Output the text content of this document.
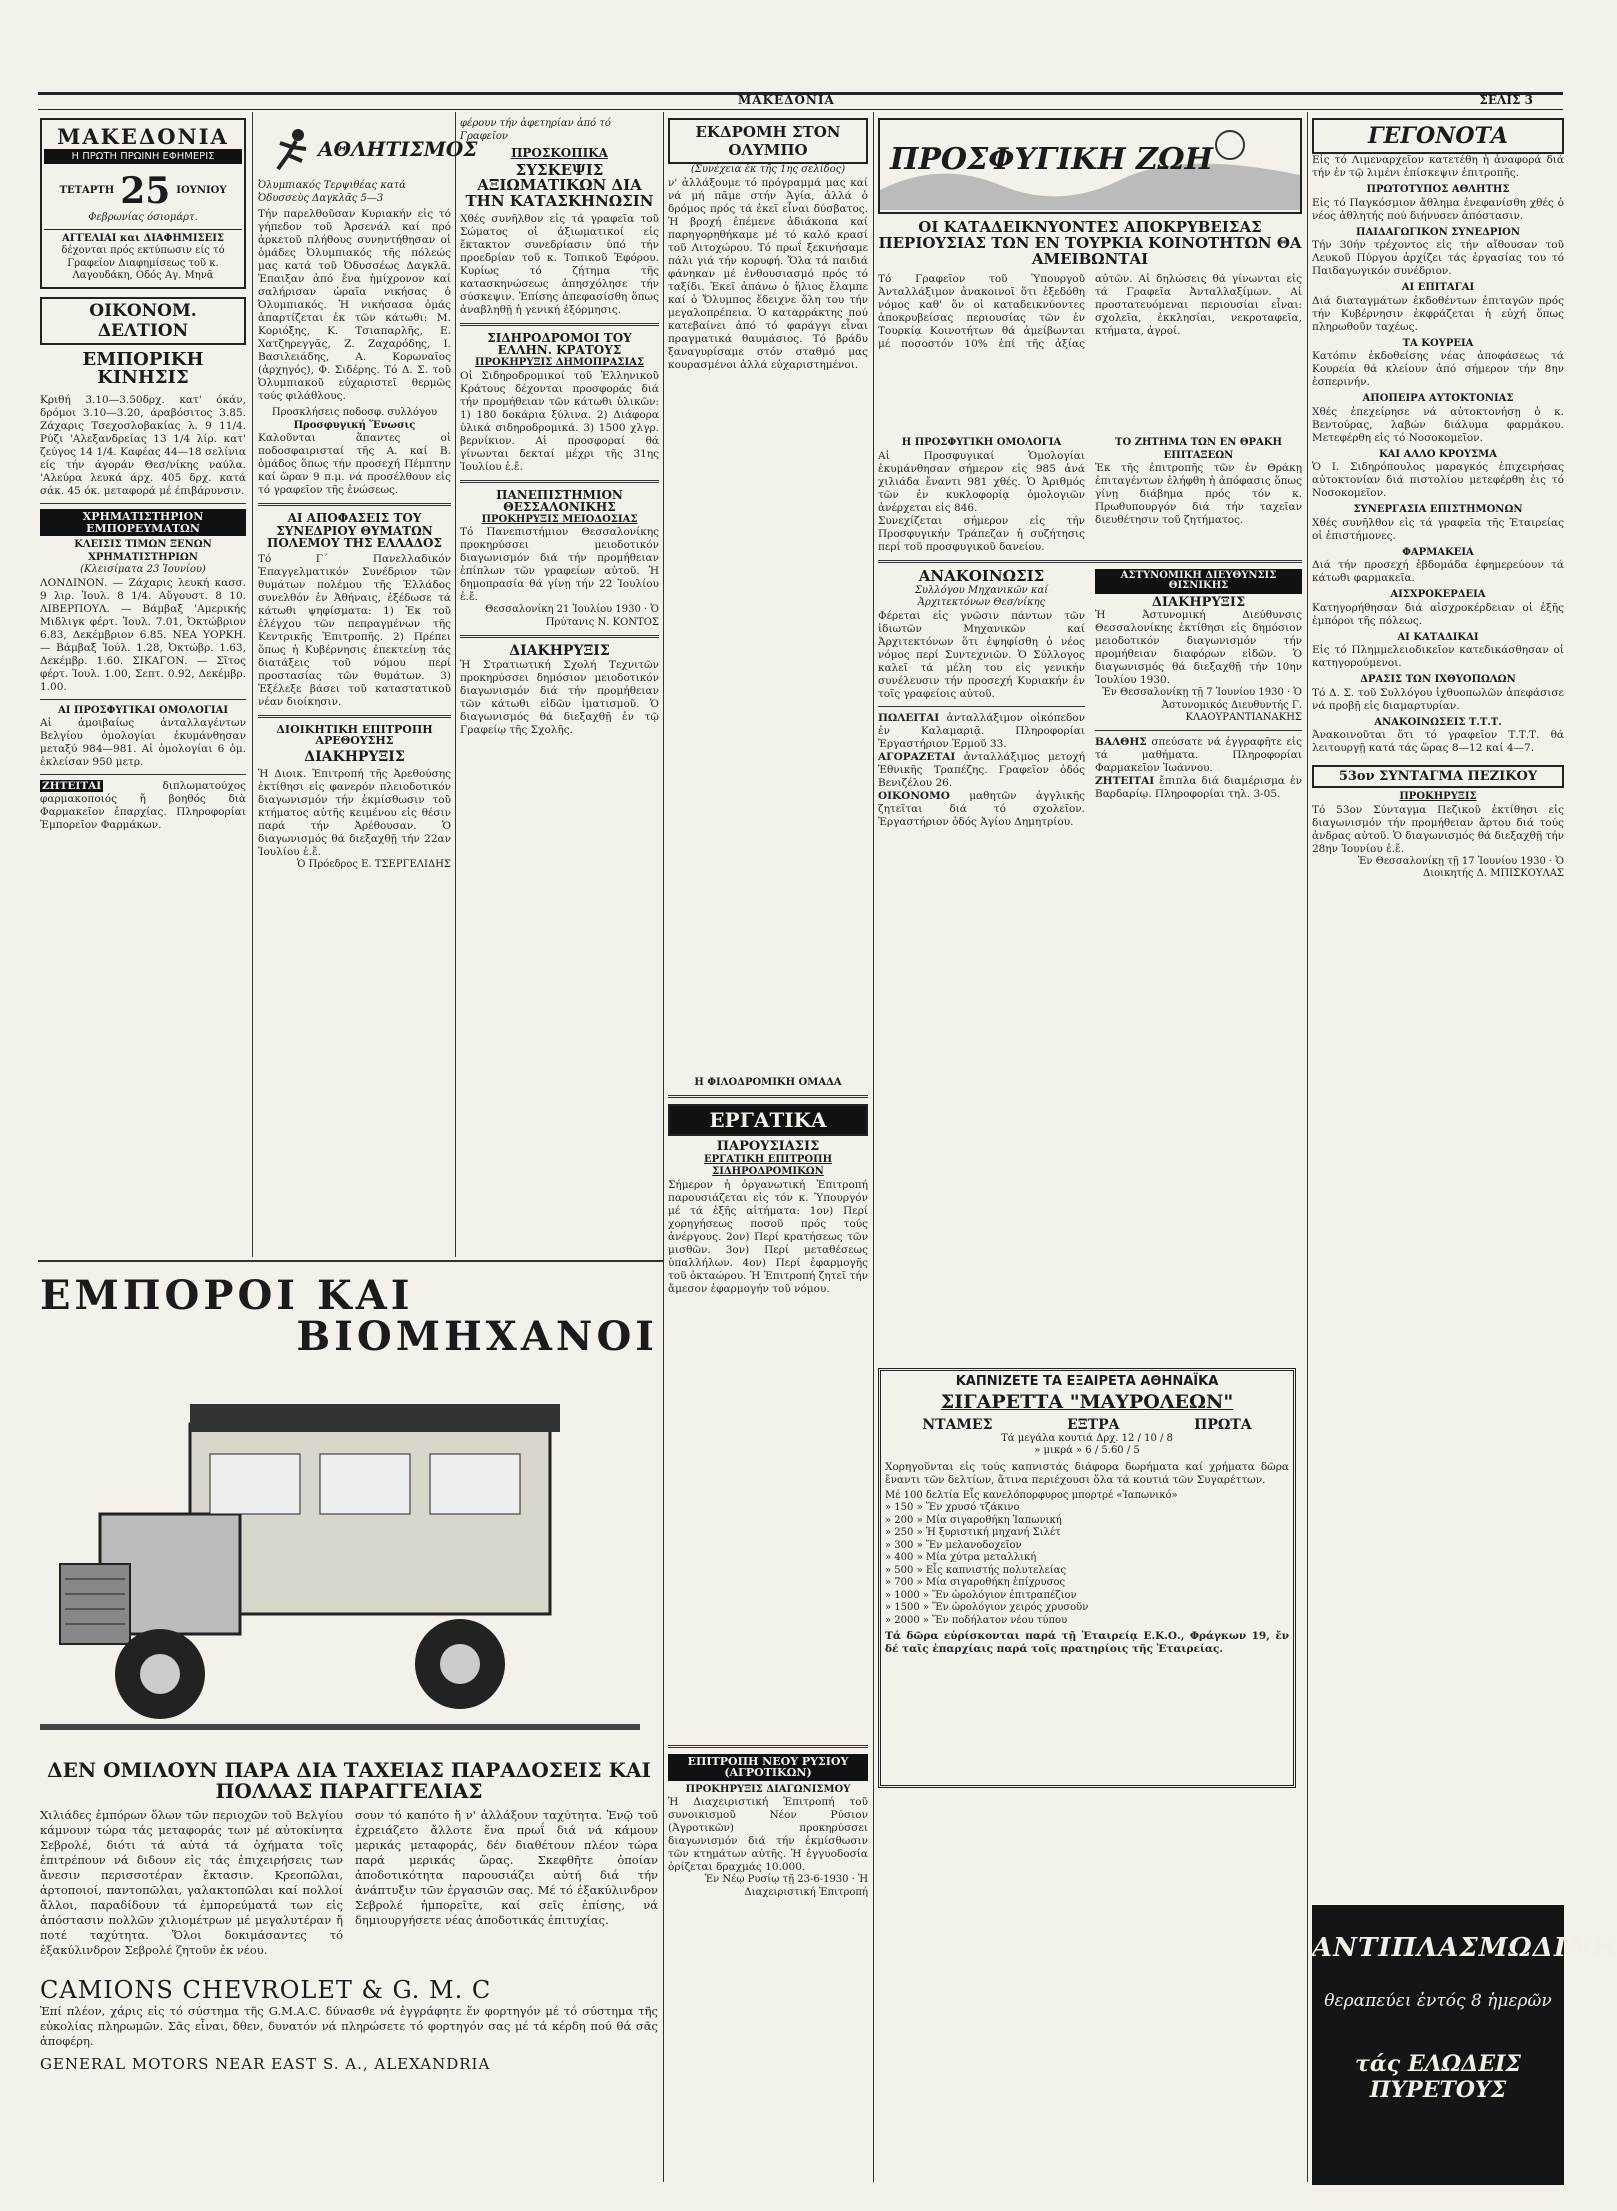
ΜΑΚΕΔΟΝΙΑ	ΣΕΛΙΣ 3
ΜΑΚΕΔΟΝΙΑ
Η ΠΡΩΤΗ ΠΡΩΙΝΗ ΕΦΗΜΕΡΙΣ
ΤΕΤΑΡΤΗ 25 ΙΟΥΝΙΟΥ
Φεβρωνίας όσιομάρτ.
ΑΓΓΕΛΙΑΙ και ΔΙΑΦΗΜΙΣΕΙΣ
δέχονται πρός εκτύπωσιν είς τό Γραφείον Διαφημίσεως τοῦ κ. Λαγουδάκη, Οδός Αγ. Μηνᾶ
ΟΙΚΟΝΟΜ. ΔΕΛΤΙΟΝ
ΕΜΠΟΡΙΚΗ ΚΙΝΗΣΙΣ
Κριθή 3.10—3.50δρχ. κατ' όκάν, δρόμοι 3.10—3.20, άραβόσιτος 3.85. Ζάχαρις Τσεχοσλοβακίας λ. 9 11/4. Ρύζι 'Αλεξανδρείας 13 1/4 λίρ. κατ' ζεύγος 14 1/4. Καφέας 44—18 σελίνια είς τήν άγοράν Θεσ/νίκης ναύλα. 'Αλεύρα λευκά άρχ. 405 δρχ. κατά σάκ. 45 όκ. μεταφορά μέ έπιβάρυνσιν.
ΧΡΗΜΑΤΙΣΤΗΡΙΟΝ ΕΜΠΟΡΕΥΜΑΤΩΝ
ΚΛΕΙΣΙΣ ΤΙΜΩΝ ΞΕΝΩΝ ΧΡΗΜΑΤΙΣΤΗΡΙΩΝ
(Κλεισίματα 23 Ἰουνίου)
ΛΟΝΔΙΝΟΝ. — Ζάχαρις λευκή κασσ. 9 λιρ. Ἰουλ. 8 1/4. Αὔγουστ. 8 10. ΛΙΒΕΡΠΟΥΛ. — Βάμβαξ 'Αμερικής Μιδλιγκ φέρτ. Ἰουλ. 7.01, Ὀκτώβριον 6.83, Δεκέμβριον 6.85. ΝΕΑ ΥΟΡΚΗ. — Βάμβαξ Ἰούλ. 1.28, Ὀκτώβρ. 1.63, Δεκέμβρ. 1.60. ΣΙΚΑΓΟΝ. — Σῖτος φέρτ. Ἰουλ. 1.00, Σεπτ. 0.92, Δεκέμβρ. 1.00.
ΑΙ ΠΡΟΣΦΥΓΙΚΑΙ ΟΜΟΛΟΓΙΑΙ
Αἱ ἀμοιβαίως ἀνταλλαγέντων Βελγίου ὁμολογίαι ἐκυμάνθησαν μεταξύ 984—981. Αἱ ὁμολογίαι 6 ὀμ. ἐκλείσαν 950 μετρ.
ΖΗΤΕΙΤΑΙ	διπλωματούχος φαρμακοποιός ἤ βοηθός διὰ Φαρμακεῖον ἐπαρχίας. Πληροφορίαι Ἐμπορεῖον Φαρμάκων.
ΑΘΛΗΤΙΣΜΟΣ
Ὀλυμπιακός Τερψιθέας κατά Ὀδυσσεὺς Δαγκλᾶς 5—3
Τήν παρελθοῦσαν Κυριακήν εἰς τό γήπεδον τοῦ Ἀρσενάλ καί πρό ἀρκετοῦ πλήθους συνηντήθησαν οἱ ὁμάδες Ὀλυμπιακός τῆς πόλεώς μας κατά τοῦ Ὀδυσσέως Δαγκλᾶ. Ἐπαιξαν ἀπό ἔνα ἡμίχρονον καί σαλήρισαν ὡραῖα νικήσας ὁ Ὀλυμπιακός. Ἡ νικήσασα ὁμάς ἀπαρτίζεται ἐκ τῶν κάτωθι: Μ. Κοριόξης, Κ. Τσιαπαρλῆς, Ε. Χατζηρεγγᾶς, Ζ. Ζαχαρόδης, Ι. Βασιλειάδης, Α. Κορωναῖος (ἀρχηγός), Φ. Σιδέρης. Τό Δ. Σ. τοῦ Ὀλυμπιακοῦ εὐχαριστεῖ θερμῶς τούς φιλάθλους.
Προσκλήσεις ποδοσφ. συλλόγου
Προσφυγική Ἕνωσις
Καλοῦνται ἅπαντες οἱ ποδοσφαιρισταί τῆς Α. καί Β. ὁμάδος ὅπως τήν προσεχή Πέμπτην καί ὥραν 9 π.μ. νά προσέλθουν εἰς τό γραφεῖον τῆς ἑνώσεως.
ΑΙ ΑΠΟΦΑΣΕΙΣ ΤΟΥ ΣΥΝΕΔΡΙΟΥ ΘΥΜΑΤΩΝ ΠΟΛΕΜΟΥ ΤΗΣ ΕΛΛΑΔΟΣ
Τό Γ΄ Πανελλαδικόν Ἐπαγγελματικόν Συνέδριον τῶν θυμάτων πολέμου τῆς Ἑλλάδος συνελθόν ἐν Ἀθήναις, ἐξέδωσε τά κάτωθι ψηφίσματα: 1) Ἐκ τοῦ ἐλέγχου τῶν πεπραγμένων τῆς Κεντρικῆς Ἐπιτροπῆς. 2) Πρέπει ὅπως ἡ Κυβέρνησις ἐπεκτείνῃ τάς διατάξεις τοῦ νόμου περί προστασίας τῶν θυμάτων. 3) Ἐξέλεξε βάσει τοῦ καταστατικοῦ νέαν διοίκησιν.
ΔΙΟΙΚΗΤΙΚΗ ΕΠΙΤΡΟΠΗ ΑΡΕΘΟΥΣΗΣ
ΔΙΑΚΗΡΥΞΙΣ
Ἡ Διοικ. Ἐπιτροπή τῆς Ἀρεθούσης ἐκτίθησι εἰς φανερόν πλειοδοτικόν διαγωνισμόν τήν ἐκμίσθωσιν τοῦ κτήματος αὐτῆς κειμένου εἰς θέσιν παρά τήν Ἀρέθουσαν. Ὁ διαγωνισμός θά διεξαχθῇ τήν 22αν Ἰουλίου ἐ.ἔ.
Ὁ Πρόεδρος Ε. ΤΣΕΡΓΕΛΙΔΗΣ
φέρουν τήν ἀφετηρίαν ἀπό τό Γραφεῖον
ΠΡΟΣΚΟΠΙΚΑ
ΣΥΣΚΕΨΙΣ ΑΞΙΩΜΑΤΙΚΩΝ ΔΙΑ ΤΗΝ ΚΑΤΑΣΚΗΝΩΣΙΝ
Χθές συνῆλθον εἰς τά γραφεῖα τοῦ Σώματος οἱ ἀξιωματικοί εἰς ἔκτακτον συνεδρίασιν ὑπό τήν προεδρίαν τοῦ κ. Τοπικοῦ Ἐφόρου. Κυρίως τό ζήτημα τῆς κατασκηνώσεως ἀπησχόλησε τήν σύσκεψιν. Ἐπίσης ἀπεφασίσθη ὅπως ἀναβληθῇ ἡ γενική ἐξόρμησις.
ΣΙΔΗΡΟΔΡΟΜΟΙ ΤΟΥ ΕΛΛΗΝ. ΚΡΑΤΟΥΣ
ΠΡΟΚΗΡΥΞΙΣ ΔΗΜΟΠΡΑΣΙΑΣ
Οἱ Σιδηροδρομικοί τοῦ Ἑλληνικοῦ Κράτους δέχονται προσφοράς διά τήν προμήθειαν τῶν κάτωθι ὑλικῶν: 1) 180 δοκάρια ξύλινα. 2) Διάφορα ὑλικά σιδηροδρομικά. 3) 1500 χλγρ. βερνίκιον. Αἱ προσφοραί θά γίνωνται δεκταί μέχρι τῆς 31ης Ἰουλίου ἐ.ἔ.
ΠΑΝΕΠΙΣΤΗΜΙΟΝ ΘΕΣΣΑΛΟΝΙΚΗΣ
ΠΡΟΚΗΡΥΞΙΣ ΜΕΙΟΔΟΣΙΑΣ
Τό Πανεπιστήμιον Θεσσαλονίκης προκηρύσσει μειοδοτικόν διαγωνισμόν διά τήν προμήθειαν ἐπίπλων τῶν γραφείων αὐτοῦ. Ἡ δημοπρασία θά γίνῃ τήν 22 Ἰουλίου ἐ.ἔ.
Θεσσαλονίκη 21 Ἰουλίου 1930 · Ὁ Πρύτανις Ν. ΚΟΝΤΟΣ
ΔΙΑΚΗΡΥΞΙΣ
Ἡ Στρατιωτική Σχολή Τεχνιτῶν προκηρύσσει δημόσιον μειοδοτικόν διαγωνισμόν διά τήν προμήθειαν τῶν κάτωθι εἰδῶν ἱματισμοῦ. Ὁ διαγωνισμός θά διεξαχθῇ ἐν τῷ Γραφείῳ τῆς Σχολῆς.
ΕΜΠΟΡΟΙ ΚΑΙ
ΒΙΟΜΗΧΑΝΟΙ
ΔΕΝ ΟΜΙΛΟΥΝ ΠΑΡΑ ΔΙΑ ΤΑΧΕΙΑΣ ΠΑΡΑΔΟΣΕΙΣ ΚΑΙ ΠΟΛΛΑΣ ΠΑΡΑΓΓΕΛΙΑΣ
Χιλιάδες ἐμπόρων ὅλων τῶν περιοχῶν τοῦ Βελγίου κάμνουν τώρα τάς μεταφοράς των μέ αὐτοκίνητα Σεβρολέ, διότι τά αὐτά τά ὀχήματα τοῖς ἐπιτρέπουν νά διδουν εἰς τάς ἐπιχειρήσεις των ἄνεσιν περισσοτέραν ἔκτασιν. Κρεοπῶλαι, ἀρτοποιοί, παντοπῶλαι, γαλακτοπῶλαι καί πολλοί ἄλλοι, παραδίδουν τά ἐμπορεύματά των εἰς ἀπόστασιν πολλῶν χιλιομέτρων μέ μεγαλυτέραν ἤ ποτέ ταχύτητα. Ὅλοι δοκιμάσαντες τό ἐξακύλινδρον Σεβρολέ ζητοῦν ἐκ νέου.
σουν τό καπότο ἤ ν' ἀλλάξουν ταχύτητα. Ἐνῷ τοῦ ἐχρειάζετο ἄλλοτε ἕνα πρωΐ διά νά κάμουν μερικάς μεταφοράς, δέν διαθέτουν πλέον τώρα παρά μερικάς ὥρας. Σκεφθῆτε ὁποίαν ἀποδοτικότητα παρουσιάζει αὐτή διά τήν ἀνάπτυξιν τῶν ἐργασιῶν σας. Μέ τό ἐξακύλινδρον Σεβρολέ ἠμπορεῖτε, καί σεῖς ἐπίσης, νά δημιουργήσετε νέας ἀποδοτικάς ἐπιτυχίας.
CAMIONS CHEVROLET & G. M. C
Ἐπί πλέον, χάρις εἰς τό σύστημα τῆς G.M.A.C. δύνασθε νά ἐγγράφητε ἕν φορτηγόν μέ τό σύστημα τῆς εὐκολίας πληρωμῶν. Σᾶς εἶναι, δθεν, δυνατόν νά πληρώσετε τό φορτηγόν σας μέ τά κέρδη πού θά σᾶς ἀποφέρη.
GENERAL MOTORS NEAR EAST S. A., ALEXANDRIA
ΕΚΔΡΟΜΗ ΣΤΟΝ ΟΛΥΜΠΟ
(Συνέχεια ἐκ τῆς 1ης σελίδος)
ν' ἀλλάξουμε τό πρόγραμμά μας καί νά μή πᾶμε στήν Ἀγία, ἀλλά ὁ δρόμος πρός τά ἐκεῖ εἶναι δύσβατος. Ἡ βροχή ἐπέμενε ἀδιάκοπα καί παρηγορηθήκαμε μέ τό καλό κρασί τοῦ Λιτοχώρου. Τό πρωΐ ξεκινήσαμε πάλι γιά τήν κορυφή. Ὅλα τά παιδιά φάνηκαν μέ ἐνθουσιασμό πρός τό ταξίδι. Ἐκεῖ ἀπάνω ὁ ἥλιος ἔλαμπε καί ὁ Ὄλυμπος ἔδειχνε ὅλη του τήν μεγαλοπρέπεια. Ὁ καταρράκτης πού κατεβαίνει ἀπό τό φαράγγι εἶναι πραγματικά θαυμάσιος. Τό βράδυ ξαναγυρίσαμε στόν σταθμό μας κουρασμένοι ἀλλά εὐχαριστημένοι.
Η ΦΙΛΟΔΡΟΜΙΚΗ ΟΜΑΔΑ
ΕΡΓΑΤΙΚΑ
ΠΑΡΟΥΣΙΑΣΙΣ
ΕΡΓΑΤΙΚΗ ΕΠΙΤΡΟΠΗ ΣΙΔΗΡΟΔΡΟΜΙΚΩΝ
Σήμερον ἡ ὀργανωτική Ἐπιτροπή παρουσιάζεται εἰς τόν κ. Ὑπουργόν μέ τά ἑξῆς αἰτήματα: 1ον) Περί χορηγήσεως ποσοῦ πρός τούς ἀνέργους. 2ον) Περί κρατήσεως τῶν μισθῶν. 3ον) Περί μεταθέσεως ὑπαλλήλων. 4ον) Περί ἐφαρμογῆς τοῦ ὀκταώρου. Ἡ Ἐπιτροπή ζητεῖ τήν ἄμεσον ἐφαρμογήν τοῦ νόμου.
ΕΠΙΤΡΟΠΗ ΝΕΟΥ ΡΥΣΙΟΥ (ΑΓΡΟΤΙΚΩΝ)
ΠΡΟΚΗΡΥΞΙΣ ΔΙΑΓΩΝΙΣΜΟΥ
Ἡ Διαχειριστική Ἐπιτροπή τοῦ συνοικισμοῦ Νέον Ρύσιον (Ἀγροτικῶν) προκηρύσσει διαγωνισμόν διά τήν ἐκμίσθωσιν τῶν κτημάτων αὐτῆς. Ἡ ἐγγυοδοσία ὁρίζεται δραχμάς 10.000.
Ἐν Νέῳ Ρυσίῳ τῇ 23-6-1930 · Ἡ Διαχειριστική Ἐπιτροπή
ΠΡΟΣΦΥΓΙΚΗ ΖΩΗ
ΟΙ ΚΑΤΑΔΕΙΚΝΥΟΝΤΕΣ ΑΠΟΚΡΥΒΕΙΣΑΣ ΠΕΡΙΟΥΣΙΑΣ ΤΩΝ ΕΝ ΤΟΥΡΚΙΑ ΚΟΙΝΟΤΗΤΩΝ ΘΑ ΑΜΕΙΒΩΝΤΑΙ
Τό Γραφεῖον τοῦ Ὑπουργοῦ Ἀνταλλάξιμον ἀνακοινοῖ ὅτι ἐξεδόθη νόμος καθ' ὅν οἱ καταδεικνύοντες ἀποκρυβείσας περιουσίας τῶν ἐν Τουρκίᾳ Κοινοτήτων θά ἀμείβωνται μέ ποσοστόν 10% ἐπί τῆς ἀξίας αὐτῶν. Αἱ δηλώσεις θά γίνωνται εἰς τά Γραφεῖα Ἀνταλλαξίμων. Αἱ προστατευόμεναι περιουσίαι εἶναι: σχολεῖα, ἐκκλησίαι, νεκροταφεῖα, κτήματα, ἀγροί.
Η ΠΡΟΣΦΥΓΙΚΗ ΟΜΟΛΟΓΙΑ
Αἱ Προσφυγικαί Ὁμολογίαι ἐκυμάνθησαν σήμερον εἰς 985 ἀνά χιλιάδα ἔναντι 981 χθές. Ὁ Ἀριθμός τῶν ἐν κυκλοφορίᾳ ὁμολογιῶν ἀνέρχεται εἰς 846.
Συνεχίζεται σήμερον εἰς τήν Προσφυγικήν Τράπεζαν ἡ συζήτησις περί τοῦ προσφυγικοῦ δανείου.
ΤΟ ΖΗΤΗΜΑ ΤΩΝ ΕΝ ΘΡΑΚΗ ΕΠΙΤΑΞΕΩΝ
Ἐκ τῆς ἐπιτροπῆς τῶν ἐν Θράκῃ ἐπιταγέντων ἐλήφθη ἡ ἀπόφασις ὅπως γίνῃ διάβημα πρός τόν κ. Πρωθυπουργόν διά τήν ταχεῖαν διευθέτησιν τοῦ ζητήματος.
ΑΝΑΚΟΙΝΩΣΙΣ
Συλλόγου Μηχανικῶν καί Ἀρχιτεκτόνων Θεσ/νίκης
Φέρεται εἰς γνῶσιν πάντων τῶν ἰδιωτῶν Μηχανικῶν καί Ἀρχιτεκτόνων ὅτι ἐψηφίσθη ὁ νέος νόμος περί Συντεχνιῶν. Ὁ Σύλλογος καλεῖ τά μέλη του εἰς γενικήν συνέλευσιν τήν προσεχή Κυριακήν ἐν τοῖς γραφείοις αὐτοῦ.
ΠΩΛΕΙΤΑΙ ἀνταλλάξιμον οἰκόπεδον ἐν Καλαμαριᾷ. Πληροφορίαι Ἐργαστήριον Ἑρμοῦ 33.
ΑΓΟΡΑΖΕΤΑΙ ἀνταλλάξιμος μετοχή Ἐθνικῆς Τραπέζης. Γραφεῖον ὁδός Βενιζέλου 26.
ΟΙΚΟΝΟΜΟ μαθητῶν ἀγγλικῆς ζητεῖται διά τό σχολεῖον. Ἐργαστήριον ὁδός Ἀγίου Δημητρίου.
ΑΣΤΥΝΟΜΙΚΗ ΔΙΕΥΘΥΝΣΙΣ ΘΙΣΝΙΚΗΣ
ΔΙΑΚΗΡΥΞΙΣ
Ἡ Ἀστυνομική Διεύθυνσις Θεσσαλονίκης ἐκτίθησι εἰς δημόσιον μειοδοτικόν διαγωνισμόν τήν προμήθειαν διαφόρων εἰδῶν. Ὁ διαγωνισμός θά διεξαχθῇ τήν 10ην Ἰουλίου 1930.
Ἐν Θεσσαλονίκῃ τῇ 7 Ἰουνίου 1930 · Ὁ Ἀστυνομικός Διευθυντής Γ. ΚΛΑΟΥΡΑΝΤΙΑΝΑΚΗΣ
ΒΑΛΘΗΣ σπεύσατε νά ἐγγραφῆτε εἰς τά μαθήματα. Πληροφορίαι Φαρμακεῖον Ἰωάννου.
ΖΗΤΕΙΤΑΙ ἔπιπλα διά διαμέρισμα ἐν Βαρδαρίῳ. Πληροφορίαι τηλ. 3-05.
ΚΑΠΝΙΖΕΤΕ ΤΑ ΕΞΑΙΡΕΤΑ ΑΘΗΝΑΪΚΑ
ΣΙΓΑΡΕΤΤΑ "ΜΑΥΡΟΛΕΩΝ"
ΝΤΑΜΕΣ	ΕΞΤΡΑ	ΠΡΩΤΑ
Τά μεγάλα κουτιά Δρχ. 12 / 10 / 8
» μικρά » 6 / 5.60 / 5
Χορηγοῦνται εἰς τούς καπνιστάς διάφορα δωρήματα καί χρήματα δῶρα ἔναντι τῶν δελτίων, ἅτινα περιέχουσι ὅλα τά κουτιά τῶν Συγαρέττων.
Μέ 100 δελτία Εἷς κανελόπορφυρος μπορτρέ «Ἰαπωνικό»
» 150 » Ἕν χρυσό τζάκινο
» 200 » Μία σιγαροθήκη Ἰαπωνική
» 250 » Ἡ ξυριστική μηχανή Σιλέτ
» 300 » Ἕν μελανοδοχεῖον
» 400 » Μία χύτρα μεταλλική
» 500 » Εἷς καπνιστής πολυτελείας
» 700 » Μία σιγαροθήκη ἐπίχρυσος
» 1000 » Ἕν ὡρολόγιον ἐπιτραπέζιον
» 1500 » Ἕν ὡρολόγιον χειρός χρυσοῦν
» 2000 » Ἕν ποδήλατον νέου τύπου
Τά δῶρα εὑρίσκονται παρά τῇ Ἑταιρείᾳ Ε.Κ.Ο., Φράγκων 19, ἔν δέ ταῖς ἐπαρχίαις παρά τοῖς πρατηρίοις τῆς Ἑταιρείας.
ΓΕΓΟΝΟΤΑ
Εἰς τό Λιμεναρχεῖον κατετέθη ἡ ἀναφορά διά τήν ἐν τῷ λιμένι ἐπίσκεψιν ἐπιτροπῆς.
ΠΡΩΤΟΤΥΠΟΣ ΑΘΛΗΤΗΣ
Εἰς τό Παγκόσμιον ἄθλημα ἐνεφανίσθη χθές ὁ νέος ἀθλητής πού διήνυσεν ἀπόστασιν.
ΠΑΙΔΑΓΩΓΙΚΟΝ ΣΥΝΕΔΡΙΟΝ
Τήν 30ήν τρέχοντος εἰς τήν αἴθουσαν τοῦ Λευκοῦ Πύργου ἀρχίζει τάς ἐργασίας του τό Παιδαγωγικόν συνέδριον.
ΑΙ ΕΠΙΤΑΓΑΙ
Διά διαταγμάτων ἐκδοθέντων ἐπιταγῶν πρός τήν Κυβέρνησιν ἐκφράζεται ἡ εὐχή ὅπως πληρωθοῦν ταχέως.
ΤΑ ΚΟΥΡΕΙΑ
Κατόπιν ἐκδοθείσης νέας ἀποφάσεως τά Κουρεία θά κλείουν ἀπό σήμερον τήν 8ην ἑσπερινήν.
ΑΠΟΠΕΙΡΑ ΑΥΤΟΚΤΟΝΙΑΣ
Χθές ἐπεχείρησε νά αὐτοκτονήσῃ ὁ κ. Βεντούρας, λαβών διάλυμα φαρμάκου. Μετεφέρθη εἰς τό Νοσοκομεῖον.
ΚΑΙ ΑΛΛΟ ΚΡΟΥΣΜΑ
Ὁ Ι. Σιδηρόπουλος μαραγκός ἐπιχειρήσας αὐτοκτονίαν διά πιστολίου μετεφέρθη ἐις τό Νοσοκομεῖον.
ΣΥΝΕΡΓΑΣΙΑ ΕΠΙΣΤΗΜΟΝΩΝ
Χθές συνῆλθον εἰς τά γραφεῖα τῆς Ἑταιρείας οἱ ἐπιστήμονες.
ΦΑΡΜΑΚΕΙΑ
Διά τήν προσεχή ἑβδομάδα ἐφημερεύουν τά κάτωθι φαρμακεῖα.
ΑΙΣΧΡΟΚΕΡΔΕΙΑ
Κατηγορήθησαν διά αἰσχροκέρδειαν οἱ ἑξῆς ἐμπόροι τῆς πόλεως.
ΑΙ ΚΑΤΑΔΙΚΑΙ
Εἰς τό Πλημμελειοδικεῖον κατεδικάσθησαν οἱ κατηγορούμενοι.
ΔΡΑΣΙΣ ΤΩΝ ΙΧΘΥΟΠΩΛΩΝ
Τό Δ. Σ. τοῦ Συλλόγου ἰχθυοπωλῶν ἀπεφάσισε νά προβῇ εἰς διαμαρτυρίαν.
ΑΝΑΚΟΙΝΩΣΕΙΣ Τ.Τ.Τ.
Ἀνακοινοῦται ὅτι τό γραφεῖον Τ.Τ.Τ. θά λειτουργῇ κατά τάς ὥρας 8—12 καί 4—7.
53ον ΣΥΝΤΑΓΜΑ ΠΕΖΙΚΟΥ
ΠΡΟΚΗΡΥΞΙΣ
Τό 53ον Σύνταγμα Πεζικοῦ ἐκτίθησι εἰς διαγωνισμόν τήν προμήθειαν ἄρτου διά τούς ἀνδρας αὐτοῦ. Ὁ διαγωνισμός θά διεξαχθῇ τήν 28ην Ἰουνίου ἐ.ἔ.
Ἐν Θεσσαλονίκῃ τῇ 17 Ἰουνίου 1930 · Ὁ Διοικητής Δ. ΜΠΙΣΚΟΥΛΑΣ
ΑΝΤΙΠΛΑΣΜΩΔΙΝΗ
θεραπεύει ἐντός 8 ἡμερῶν
τάς ΕΛΩΔΕΙΣ ΠΥΡΕΤΟΥΣ
